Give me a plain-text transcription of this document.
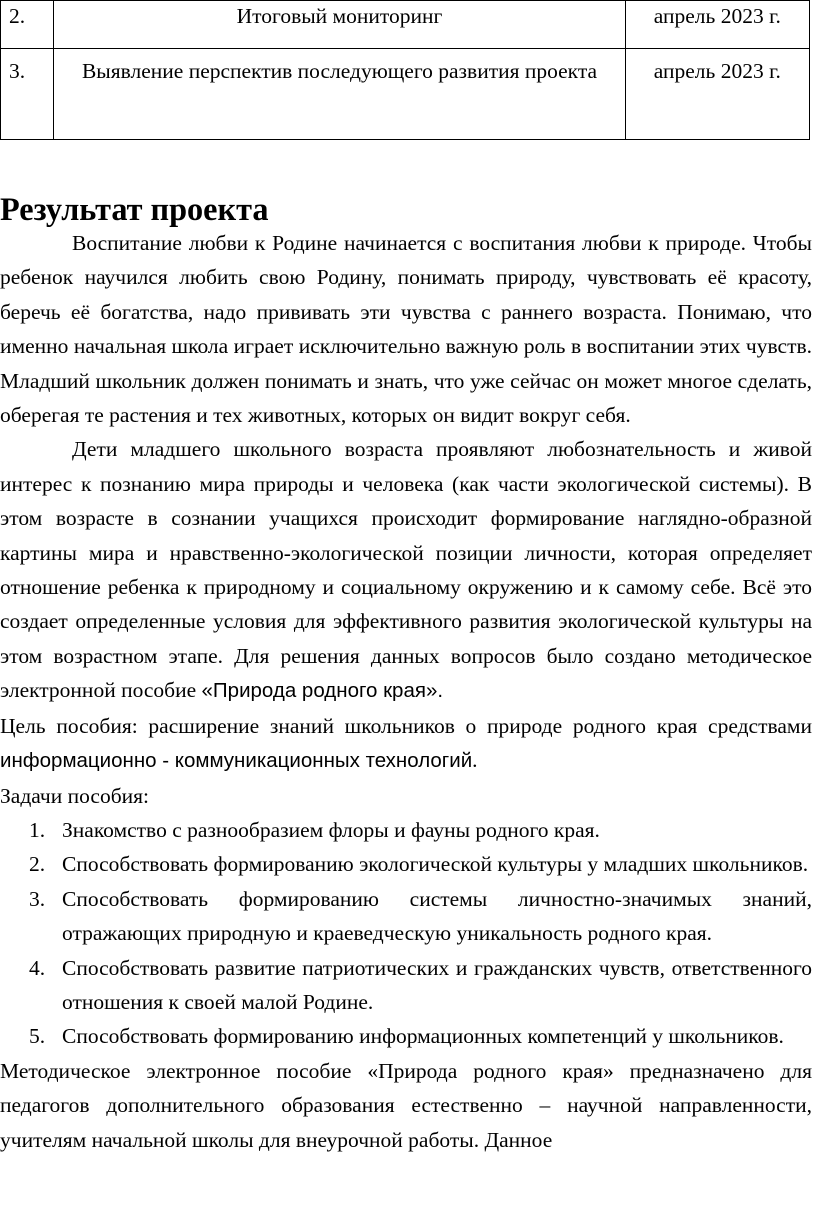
2.	Итоговый мониторинг	апрель 2023 г.
3.	Выявление перспектив последующего развития проекта	апрель 2023 г.
Результат проекта

Воспитание любви к Родине начинается с воспитания любви к природе. Чтобы ребенок научился любить свою Родину, понимать природу, чувствовать её красоту, беречь её богатства, надо прививать эти чувства с раннего возраста. Понимаю, что именно начальная школа играет исключительно важную роль в воспитании этих чувств. Младший школьник должен понимать и знать, что уже сейчас он может многое сделать, оберегая те растения и тех животных, которых он видит вокруг себя.

Дети младшего школьного возраста проявляют любознательность и живой интерес к познанию мира природы и человека (как части экологической системы). В этом возрасте в сознании учащихся происходит формирование наглядно-образной картины мира и нравственно-экологической позиции личности, которая определяет отношение ребенка к природному и социальному окружению и к самому себе. Всё это создает определенные условия для эффективного развития экологической культуры на этом возрастном этапе. Для решения данных вопросов было создано методическое электронной пособие «Природа родного края».

Цель пособия: расширение знаний школьников о природе родного края средствами информационно - коммуникационных технологий.

Задачи пособия:

1. Знакомство с разнообразием флоры и фауны родного края.
2. Способствовать формированию экологической культуры у младших школьников.
3. Способствовать формированию системы личностно-значимых знаний, отражающих природную и краеведческую уникальность родного края.
4. Способствовать развитие патриотических и гражданских чувств, ответственного отношения к своей малой Родине.
5. Способствовать формированию информационных компетенций у школьников.

Методическое электронное пособие «Природа родного края» предназначено для педагогов дополнительного образования естественно – научной направленности, учителям начальной школы для внеурочной работы. Данное
